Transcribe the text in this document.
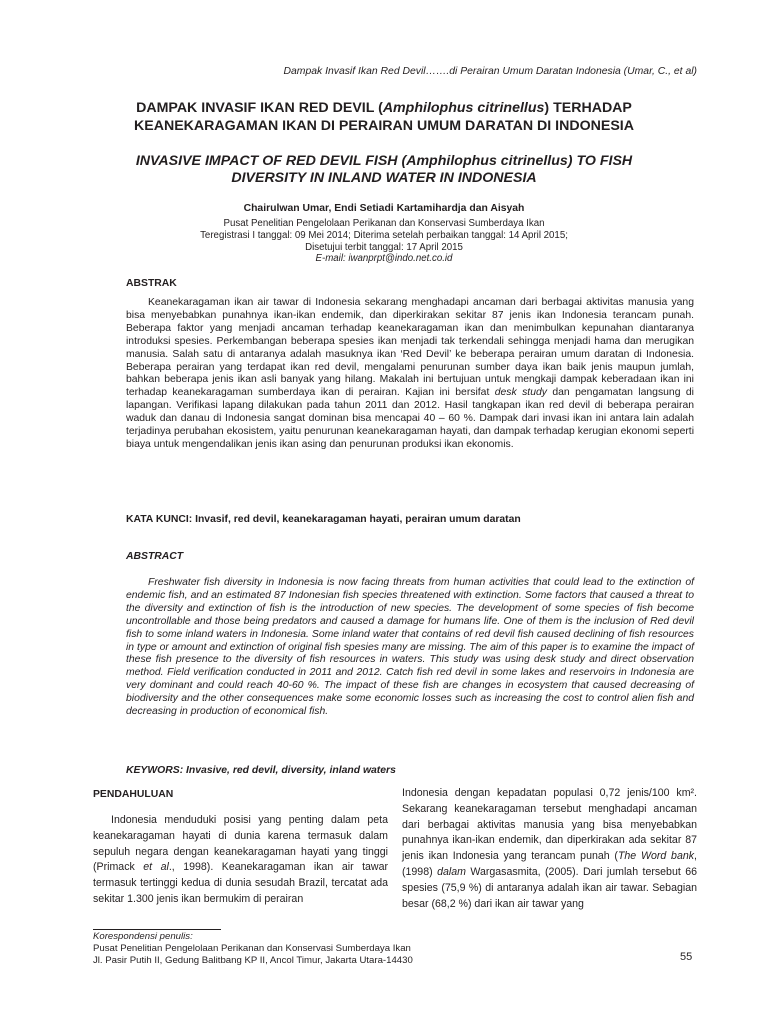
Dampak Invasif Ikan Red Devil…….di Perairan Umum Daratan Indonesia (Umar, C., et al)
DAMPAK INVASIF IKAN RED DEVIL (Amphilophus citrinellus) TERHADAP
KEANEKARAGAMAN IKAN DI PERAIRAN UMUM DARATAN DI INDONESIA
INVASIVE IMPACT OF RED DEVIL FISH (Amphilophus citrinellus) TO FISH
DIVERSITY IN INLAND WATER IN INDONESIA
Chairulwan Umar, Endi Setiadi Kartamihardja dan Aisyah
Pusat Penelitian Pengelolaan Perikanan dan Konservasi Sumberdaya Ikan
Teregistrasi I tanggal: 09 Mei 2014; Diterima setelah perbaikan tanggal: 14 April 2015;
Disetujui terbit tanggal: 17 April 2015
E-mail: iwanprpt@indo.net.co.id
ABSTRAK

Keanekaragaman ikan air tawar di Indonesia sekarang menghadapi ancaman dari berbagai aktivitas manusia yang bisa menyebabkan punahnya ikan-ikan endemik, dan diperkirakan sekitar 87 jenis ikan Indonesia terancam punah. Beberapa faktor yang menjadi ancaman terhadap keanekaragaman ikan dan menimbulkan kepunahan diantaranya introduksi spesies. Perkembangan beberapa spesies ikan menjadi tak terkendali sehingga menjadi hama dan merugikan manusia. Salah satu di antaranya adalah masuknya ikan ‘Red Devil’ ke beberapa perairan umum daratan di Indonesia. Beberapa perairan yang terdapat ikan red devil, mengalami penurunan sumber daya ikan baik jenis maupun jumlah, bahkan beberapa jenis ikan asli banyak yang hilang. Makalah ini bertujuan untuk mengkaji dampak keberadaan ikan ini terhadap keanekaragaman sumberdaya ikan di perairan. Kajian ini bersifat desk study dan pengamatan langsung di lapangan. Verifikasi lapang dilakukan pada tahun 2011 dan 2012. Hasil tangkapan ikan red devil di beberapa perairan waduk dan danau di Indonesia sangat dominan bisa mencapai 40 – 60 %. Dampak dari invasi ikan ini antara lain adalah terjadinya perubahan ekosistem, yaitu penurunan keanekaragaman hayati, dan dampak terhadap kerugian ekonomi seperti biaya untuk mengendalikan jenis ikan asing dan penurunan produksi ikan ekonomis.

KATA KUNCI: Invasif, red devil, keanekaragaman hayati, perairan umum daratan
ABSTRACT

Freshwater fish diversity in Indonesia is now facing threats from human activities that could lead to the extinction of endemic fish, and an estimated 87 Indonesian fish species threatened with extinction. Some factors that caused a threat to the diversity and extinction of fish is the introduction of new species. The development of some species of fish become uncontrollable and those being predators and caused a damage for humans life. One of them is the inclusion of Red devil fish to some inland waters in Indonesia. Some inland water that contains of red devil fish caused declining of fish resources in type or amount and extinction of original fish spesies many are missing. The aim of this paper is to examine the impact of these fish presence to the diversity of fish resources in waters. This study was using desk study and direct observation method. Field verification conducted in 2011 and 2012. Catch fish red devil in some lakes and reservoirs in Indonesia are very dominant and could reach 40-60 %. The impact of these fish are changes in ecosystem that caused decreasing of biodiversity and the other consequences make some economic losses such as increasing the cost to control alien fish and decreasing in production of economical fish.

KEYWORS: Invasive, red devil, diversity, inland waters
PENDAHULUAN

Indonesia menduduki posisi yang penting dalam peta keanekaragaman hayati di dunia karena termasuk dalam sepuluh negara dengan keanekaragaman hayati yang tinggi (Primack et al., 1998). Keanekaragaman ikan air tawar termasuk tertinggi kedua di dunia sesudah Brazil, tercatat ada sekitar 1.300 jenis ikan bermukim di perairan

Indonesia dengan kepadatan populasi 0,72 jenis/100 km². Sekarang keanekaragaman tersebut menghadapi ancaman dari berbagai aktivitas manusia yang bisa menyebabkan punahnya ikan-ikan endemik, dan diperkirakan ada sekitar 87 jenis ikan Indonesia yang terancam punah (The Word bank, (1998) dalam Wargasasmita, (2005). Dari jumlah tersebut 66 spesies (75,9 %) di antaranya adalah ikan air tawar. Sebagian besar (68,2 %) dari ikan air tawar yang

Korespondensi penulis:
Pusat Penelitian Pengelolaan Perikanan dan Konservasi Sumberdaya Ikan
Jl. Pasir Putih II, Gedung Balitbang KP II, Ancol Timur, Jakarta Utara-14430	55
